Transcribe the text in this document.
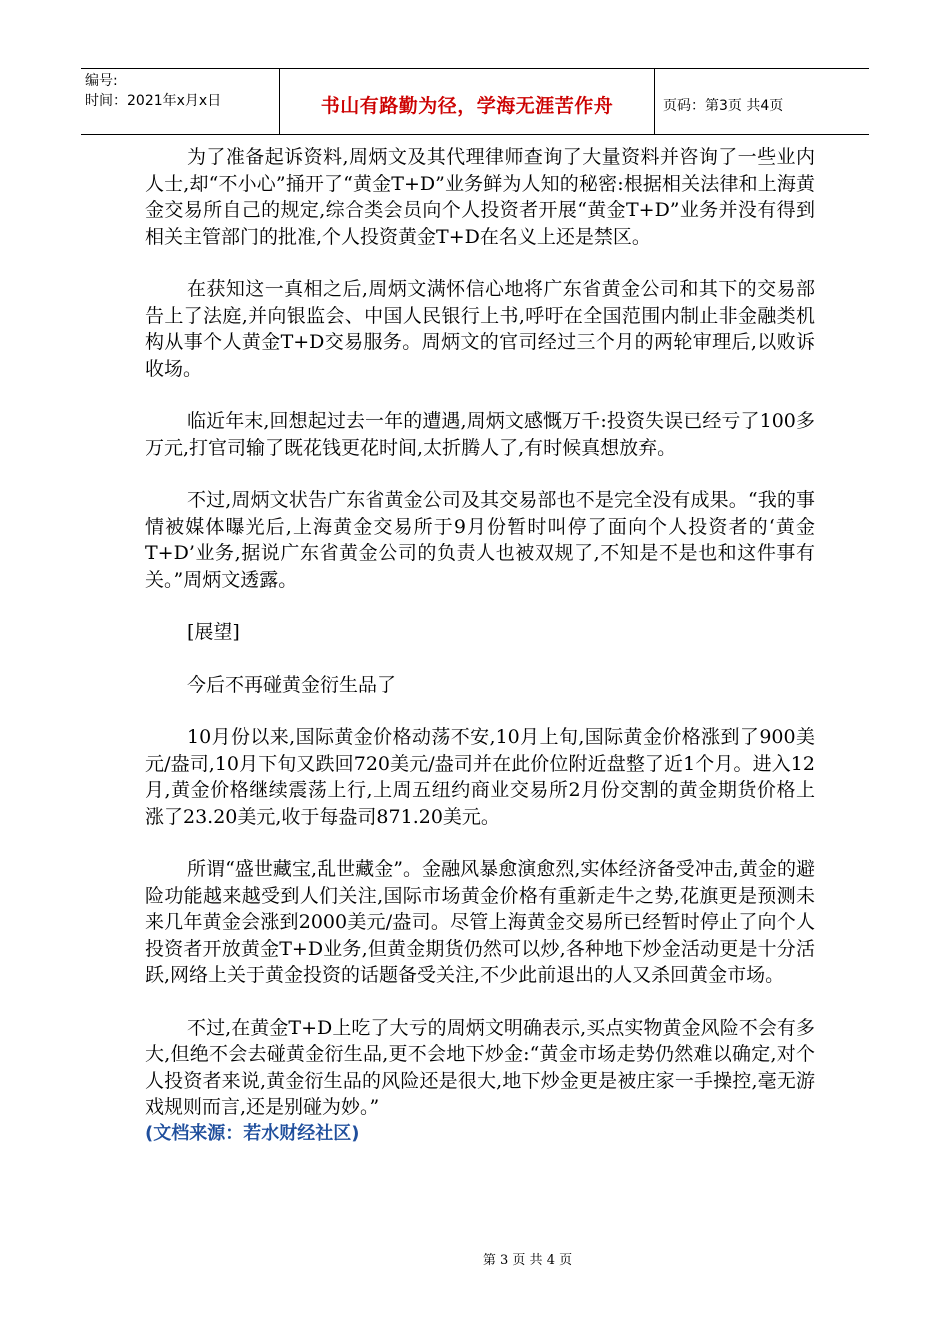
编号:
时间：2021年x月x日	书山有路勤为径，学海无涯苦作舟	页码：第3页 共4页

为了准备起诉资料,周炳文及其代理律师查询了大量资料并咨询了一些业内人士,却“不小心”捅开了“黄金T+D”业务鲜为人知的秘密:根据相关法律和上海黄金交易所自己的规定,综合类会员向个人投资者开展“黄金T+D”业务并没有得到相关主管部门的批准,个人投资黄金T+D在名义上还是禁区。

在获知这一真相之后,周炳文满怀信心地将广东省黄金公司和其下的交易部告上了法庭,并向银监会、中国人民银行上书,呼吁在全国范围内制止非金融类机构从事个人黄金T+D交易服务。周炳文的官司经过三个月的两轮审理后,以败诉收场。

临近年末,回想起过去一年的遭遇,周炳文感慨万千:投资失误已经亏了100多万元,打官司输了既花钱更花时间,太折腾人了,有时候真想放弃。

不过,周炳文状告广东省黄金公司及其交易部也不是完全没有成果。“我的事情被媒体曝光后,上海黄金交易所于9月份暂时叫停了面向个人投资者的‘黄金T+D’业务,据说广东省黄金公司的负责人也被双规了,不知是不是也和这件事有关。”周炳文透露。

[展望]

今后不再碰黄金衍生品了

10月份以来,国际黄金价格动荡不安,10月上旬,国际黄金价格涨到了900美元/盎司,10月下旬又跌回720美元/盎司并在此价位附近盘整了近1个月。进入12月,黄金价格继续震荡上行,上周五纽约商业交易所2月份交割的黄金期货价格上涨了23.20美元,收于每盎司871.20美元。

所谓“盛世藏宝,乱世藏金”。金融风暴愈演愈烈,实体经济备受冲击,黄金的避险功能越来越受到人们关注,国际市场黄金价格有重新走牛之势,花旗更是预测未来几年黄金会涨到2000美元/盎司。尽管上海黄金交易所已经暂时停止了向个人投资者开放黄金T+D业务,但黄金期货仍然可以炒,各种地下炒金活动更是十分活跃,网络上关于黄金投资的话题备受关注,不少此前退出的人又杀回黄金市场。

不过,在黄金T+D上吃了大亏的周炳文明确表示,买点实物黄金风险不会有多大,但绝不会去碰黄金衍生品,更不会地下炒金:“黄金市场走势仍然难以确定,对个人投资者来说,黄金衍生品的风险还是很大,地下炒金更是被庄家一手操控,毫无游戏规则而言,还是别碰为妙。”

(文档来源：若水财经社区)

第 3 页 共 4 页
